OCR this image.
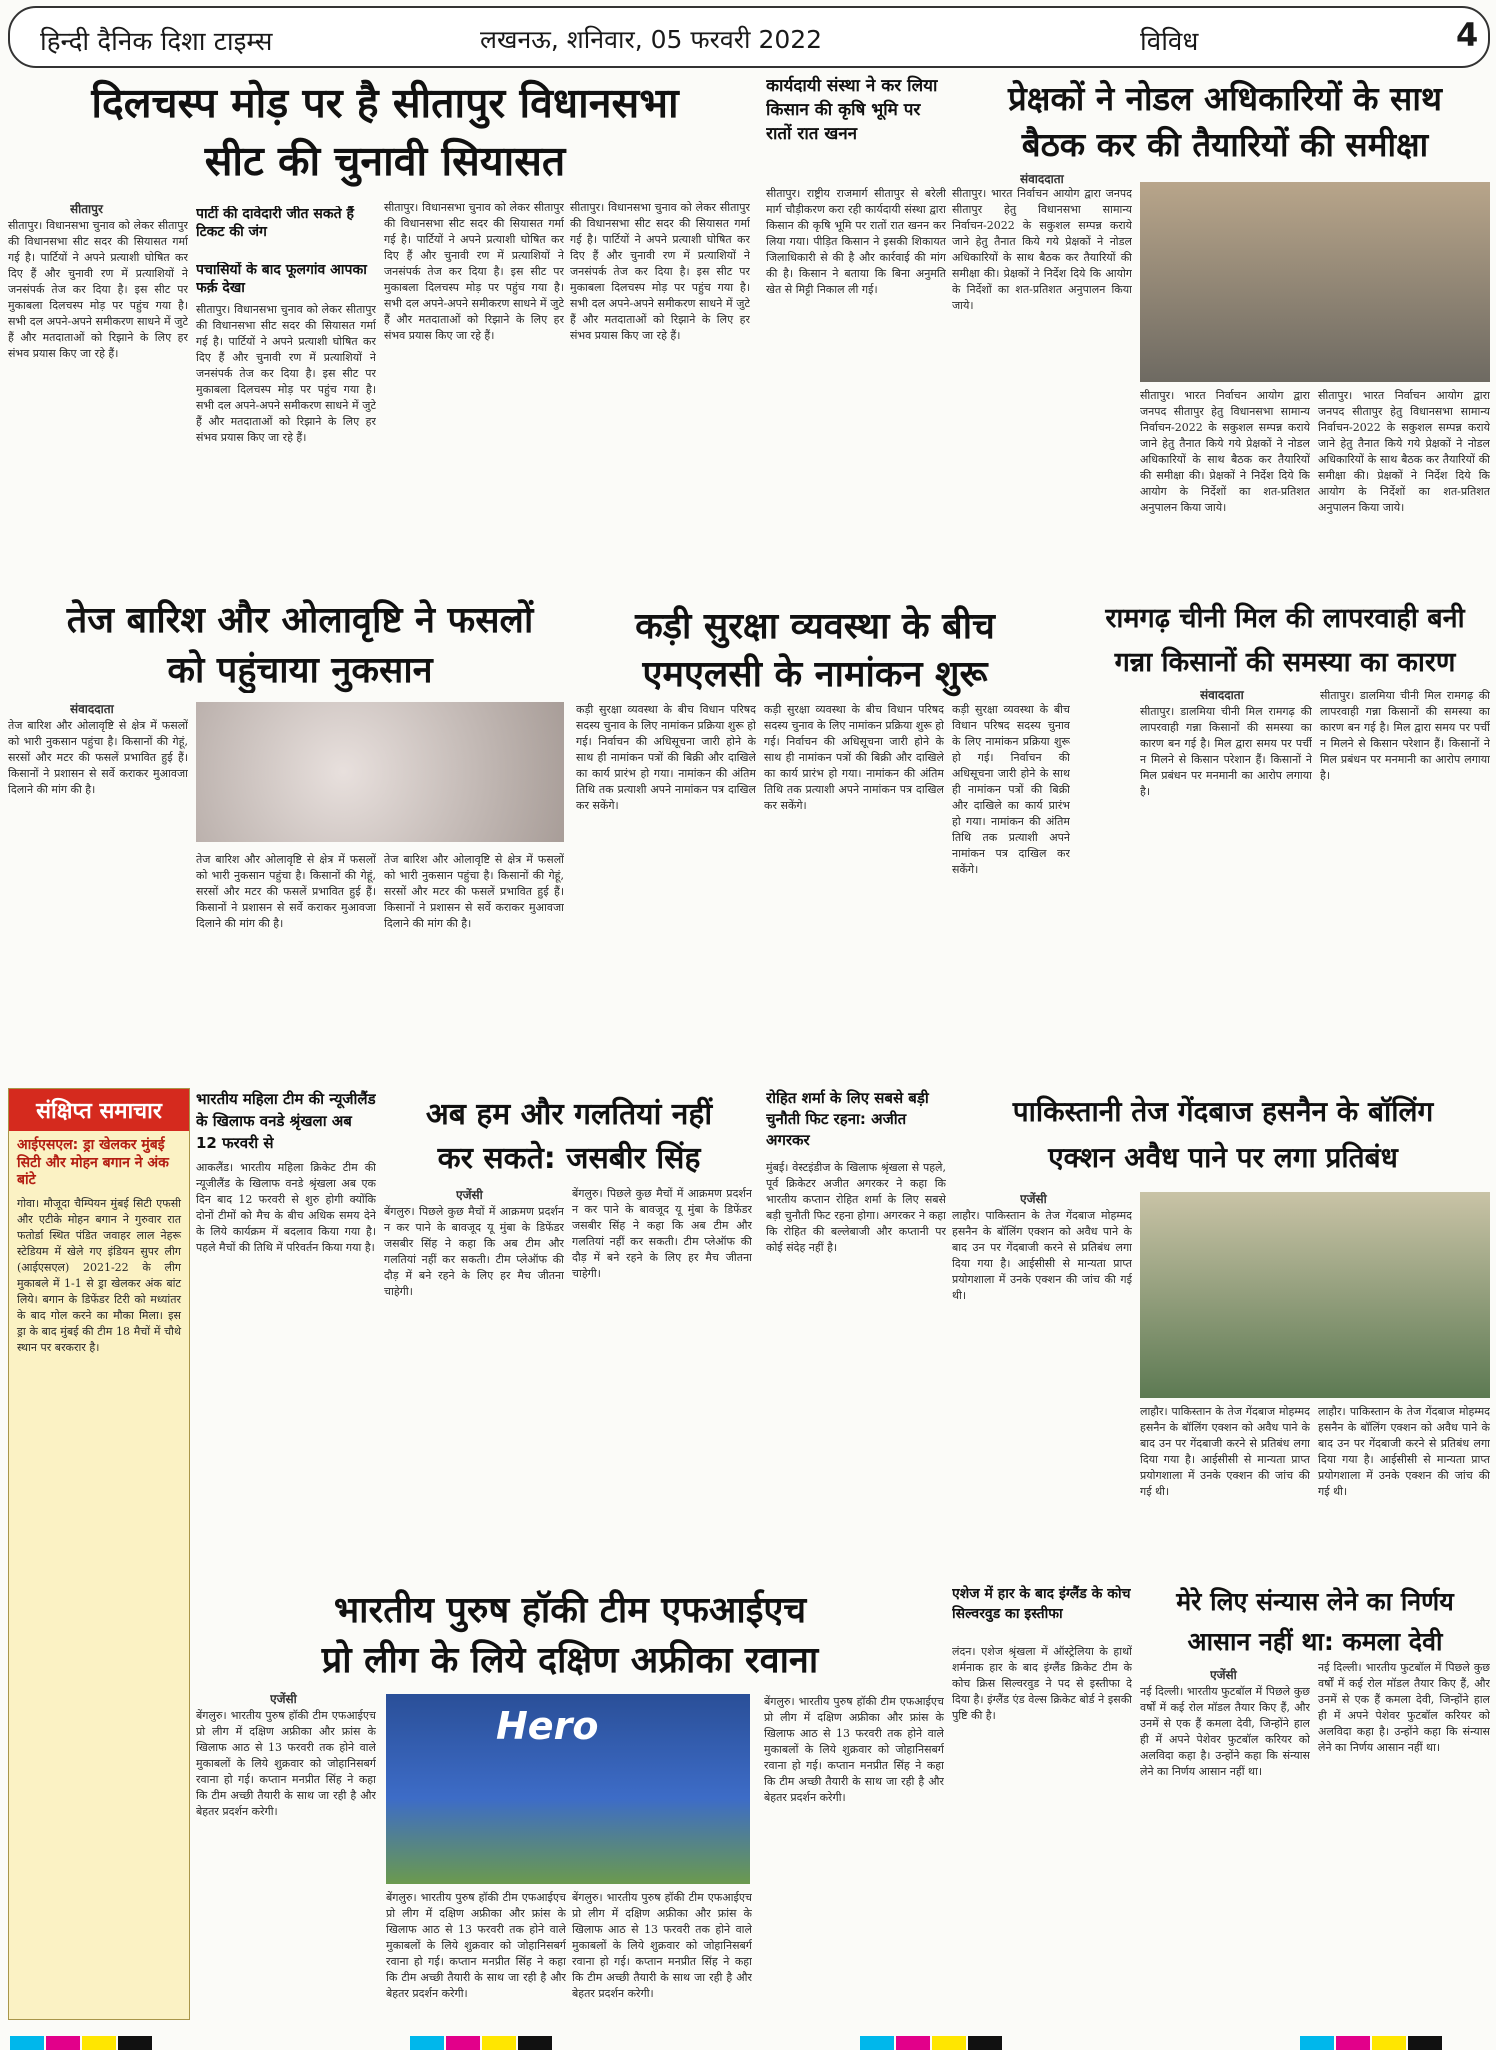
हिन्दी दैनिक दिशा टाइम्स	लखनऊ, शनिवार, 05 फरवरी 2022	विविध	4
दिलचस्प मोड़ पर है सीतापुर विधानसभा
सीट की चुनावी सियासत
सीतापुर
सीतापुर। विधानसभा चुनाव को लेकर सीतापुर की विधानसभा सीट सदर की सियासत गर्मा गई है। पार्टियों ने अपने प्रत्याशी घोषित कर दिए हैं और चुनावी रण में प्रत्याशियों ने जनसंपर्क तेज कर दिया है। इस सीट पर मुकाबला दिलचस्प मोड़ पर पहुंच गया है। सभी दल अपने-अपने समीकरण साधने में जुटे हैं और मतदाताओं को रिझाने के लिए हर संभव प्रयास किए जा रहे हैं।
पार्टी की दावेदारी जीत सकते हैं टिकट की जंग
पचासियों के बाद फूलगांव आपका फर्क़ देखा
सीतापुर। विधानसभा चुनाव को लेकर सीतापुर की विधानसभा सीट सदर की सियासत गर्मा गई है। पार्टियों ने अपने प्रत्याशी घोषित कर दिए हैं और चुनावी रण में प्रत्याशियों ने जनसंपर्क तेज कर दिया है। इस सीट पर मुकाबला दिलचस्प मोड़ पर पहुंच गया है। सभी दल अपने-अपने समीकरण साधने में जुटे हैं और मतदाताओं को रिझाने के लिए हर संभव प्रयास किए जा रहे हैं।
सीतापुर। विधानसभा चुनाव को लेकर सीतापुर की विधानसभा सीट सदर की सियासत गर्मा गई है। पार्टियों ने अपने प्रत्याशी घोषित कर दिए हैं और चुनावी रण में प्रत्याशियों ने जनसंपर्क तेज कर दिया है। इस सीट पर मुकाबला दिलचस्प मोड़ पर पहुंच गया है। सभी दल अपने-अपने समीकरण साधने में जुटे हैं और मतदाताओं को रिझाने के लिए हर संभव प्रयास किए जा रहे हैं।
सीतापुर। विधानसभा चुनाव को लेकर सीतापुर की विधानसभा सीट सदर की सियासत गर्मा गई है। पार्टियों ने अपने प्रत्याशी घोषित कर दिए हैं और चुनावी रण में प्रत्याशियों ने जनसंपर्क तेज कर दिया है। इस सीट पर मुकाबला दिलचस्प मोड़ पर पहुंच गया है। सभी दल अपने-अपने समीकरण साधने में जुटे हैं और मतदाताओं को रिझाने के लिए हर संभव प्रयास किए जा रहे हैं।
कार्यदायी संस्था ने कर लिया किसान की कृषि भूमि पर रातों रात खनन
सीतापुर। राष्ट्रीय राजमार्ग सीतापुर से बरेली मार्ग चौड़ीकरण करा रही कार्यदायी संस्था द्वारा किसान की कृषि भूमि पर रातों रात खनन कर लिया गया। पीड़ित किसान ने इसकी शिकायत जिलाधिकारी से की है और कार्रवाई की मांग की है। किसान ने बताया कि बिना अनुमति खेत से मिट्टी निकाल ली गई।
प्रेक्षकों ने नोडल अधिकारियों के साथ
बैठक कर की तैयारियों की समीक्षा
संवाददाता
सीतापुर। भारत निर्वाचन आयोग द्वारा जनपद सीतापुर हेतु विधानसभा सामान्य निर्वाचन-2022 के सकुशल सम्पन्न कराये जाने हेतु तैनात किये गये प्रेक्षकों ने नोडल अधिकारियों के साथ बैठक कर तैयारियों की समीक्षा की। प्रेक्षकों ने निर्देश दिये कि आयोग के निर्देशों का शत-प्रतिशत अनुपालन किया जाये।
सीतापुर। भारत निर्वाचन आयोग द्वारा जनपद सीतापुर हेतु विधानसभा सामान्य निर्वाचन-2022 के सकुशल सम्पन्न कराये जाने हेतु तैनात किये गये प्रेक्षकों ने नोडल अधिकारियों के साथ बैठक कर तैयारियों की समीक्षा की। प्रेक्षकों ने निर्देश दिये कि आयोग के निर्देशों का शत-प्रतिशत अनुपालन किया जाये।
सीतापुर। भारत निर्वाचन आयोग द्वारा जनपद सीतापुर हेतु विधानसभा सामान्य निर्वाचन-2022 के सकुशल सम्पन्न कराये जाने हेतु तैनात किये गये प्रेक्षकों ने नोडल अधिकारियों के साथ बैठक कर तैयारियों की समीक्षा की। प्रेक्षकों ने निर्देश दिये कि आयोग के निर्देशों का शत-प्रतिशत अनुपालन किया जाये।
तेज बारिश और ओलावृष्टि ने फसलों
को पहुंचाया नुकसान
संवाददाता
तेज बारिश और ओलावृष्टि से क्षेत्र में फसलों को भारी नुकसान पहुंचा है। किसानों की गेहूं, सरसों और मटर की फसलें प्रभावित हुई हैं। किसानों ने प्रशासन से सर्वे कराकर मुआवजा दिलाने की मांग की है।
तेज बारिश और ओलावृष्टि से क्षेत्र में फसलों को भारी नुकसान पहुंचा है। किसानों की गेहूं, सरसों और मटर की फसलें प्रभावित हुई हैं। किसानों ने प्रशासन से सर्वे कराकर मुआवजा दिलाने की मांग की है।
तेज बारिश और ओलावृष्टि से क्षेत्र में फसलों को भारी नुकसान पहुंचा है। किसानों की गेहूं, सरसों और मटर की फसलें प्रभावित हुई हैं। किसानों ने प्रशासन से सर्वे कराकर मुआवजा दिलाने की मांग की है।
कड़ी सुरक्षा व्यवस्था के बीच
एमएलसी के नामांकन शुरू
कड़ी सुरक्षा व्यवस्था के बीच विधान परिषद सदस्य चुनाव के लिए नामांकन प्रक्रिया शुरू हो गई। निर्वाचन की अधिसूचना जारी होने के साथ ही नामांकन पत्रों की बिक्री और दाखिले का कार्य प्रारंभ हो गया। नामांकन की अंतिम तिथि तक प्रत्याशी अपने नामांकन पत्र दाखिल कर सकेंगे।
कड़ी सुरक्षा व्यवस्था के बीच विधान परिषद सदस्य चुनाव के लिए नामांकन प्रक्रिया शुरू हो गई। निर्वाचन की अधिसूचना जारी होने के साथ ही नामांकन पत्रों की बिक्री और दाखिले का कार्य प्रारंभ हो गया। नामांकन की अंतिम तिथि तक प्रत्याशी अपने नामांकन पत्र दाखिल कर सकेंगे।
कड़ी सुरक्षा व्यवस्था के बीच विधान परिषद सदस्य चुनाव के लिए नामांकन प्रक्रिया शुरू हो गई। निर्वाचन की अधिसूचना जारी होने के साथ ही नामांकन पत्रों की बिक्री और दाखिले का कार्य प्रारंभ हो गया। नामांकन की अंतिम तिथि तक प्रत्याशी अपने नामांकन पत्र दाखिल कर सकेंगे।
रामगढ़ चीनी मिल की लापरवाही बनी
गन्ना किसानों की समस्या का कारण
संवाददाता
सीतापुर। डालमिया चीनी मिल रामगढ़ की लापरवाही गन्ना किसानों की समस्या का कारण बन गई है। मिल द्वारा समय पर पर्ची न मिलने से किसान परेशान हैं। किसानों ने मिल प्रबंधन पर मनमानी का आरोप लगाया है।
सीतापुर। डालमिया चीनी मिल रामगढ़ की लापरवाही गन्ना किसानों की समस्या का कारण बन गई है। मिल द्वारा समय पर पर्ची न मिलने से किसान परेशान हैं। किसानों ने मिल प्रबंधन पर मनमानी का आरोप लगाया है।
संक्षिप्त समाचार
आईएसएल: ड्रा खेलकर मुंबई सिटी और मोहन बगान ने अंक बांटे
गोवा। मौजूदा चैम्पियन मुंबई सिटी एफसी और एटीके मोहन बगान ने गुरुवार रात फतोर्डा स्थित पंडित जवाहर लाल नेहरू स्टेडियम में खेले गए इंडियन सुपर लीग (आईएसएल) 2021-22 के लीग मुकाबले में 1-1 से ड्रा खेलकर अंक बांट लिये। बगान के डिफेंडर टिरी को मध्यांतर के बाद गोल करने का मौका मिला। इस ड्रा के बाद मुंबई की टीम 18 मैचों में चौथे स्थान पर बरकरार है।
भारतीय महिला टीम की न्यूजीलैंड के खिलाफ वनडे श्रृंखला अब 12 फरवरी से
आकलैंड। भारतीय महिला क्रिकेट टीम की न्यूजीलैंड के खिलाफ वनडे श्रृंखला अब एक दिन बाद 12 फरवरी से शुरु होगी क्योंकि दोनों टीमों को मैच के बीच अधिक समय देने के लिये कार्यक्रम में बदलाव किया गया है। पहले मैचों की तिथि में परिवर्तन किया गया है।
अब हम और गलतियां नहीं
कर सकते: जसबीर सिंह
एजेंसी
बेंगलुरु। पिछले कुछ मैचों में आक्रमण प्रदर्शन न कर पाने के बावजूद यू मुंबा के डिफेंडर जसबीर सिंह ने कहा कि अब टीम और गलतियां नहीं कर सकती। टीम प्लेऑफ की दौड़ में बने रहने के लिए हर मैच जीतना चाहेगी।
बेंगलुरु। पिछले कुछ मैचों में आक्रमण प्रदर्शन न कर पाने के बावजूद यू मुंबा के डिफेंडर जसबीर सिंह ने कहा कि अब टीम और गलतियां नहीं कर सकती। टीम प्लेऑफ की दौड़ में बने रहने के लिए हर मैच जीतना चाहेगी।
रोहित शर्मा के लिए सबसे बड़ी चुनौती फिट रहना: अजीत अगरकर
मुंबई। वेस्टइंडीज के खिलाफ श्रृंखला से पहले, पूर्व क्रिकेटर अजीत अगरकर ने कहा कि भारतीय कप्तान रोहित शर्मा के लिए सबसे बड़ी चुनौती फिट रहना होगा। अगरकर ने कहा कि रोहित की बल्लेबाजी और कप्तानी पर कोई संदेह नहीं है।
पाकिस्तानी तेज गेंदबाज हसनैन के बॉलिंग
एक्शन अवैध पाने पर लगा प्रतिबंध
एजेंसी
लाहौर। पाकिस्तान के तेज गेंदबाज मोहम्मद हसनैन के बॉलिंग एक्शन को अवैध पाने के बाद उन पर गेंदबाजी करने से प्रतिबंध लगा दिया गया है। आईसीसी से मान्यता प्राप्त प्रयोगशाला में उनके एक्शन की जांच की गई थी।
लाहौर। पाकिस्तान के तेज गेंदबाज मोहम्मद हसनैन के बॉलिंग एक्शन को अवैध पाने के बाद उन पर गेंदबाजी करने से प्रतिबंध लगा दिया गया है। आईसीसी से मान्यता प्राप्त प्रयोगशाला में उनके एक्शन की जांच की गई थी।
लाहौर। पाकिस्तान के तेज गेंदबाज मोहम्मद हसनैन के बॉलिंग एक्शन को अवैध पाने के बाद उन पर गेंदबाजी करने से प्रतिबंध लगा दिया गया है। आईसीसी से मान्यता प्राप्त प्रयोगशाला में उनके एक्शन की जांच की गई थी।
एशेज में हार के बाद इंग्लैंड के कोच सिल्वरवुड का इस्तीफा
लंदन। एशेज श्रृंखला में ऑस्ट्रेलिया के हाथों शर्मनाक हार के बाद इंग्लैंड क्रिकेट टीम के कोच क्रिस सिल्वरवुड ने पद से इस्तीफा दे दिया है। इंग्लैंड एंड वेल्स क्रिकेट बोर्ड ने इसकी पुष्टि की है।
मेरे लिए संन्यास लेने का निर्णय
आसान नहीं था: कमला देवी
एजेंसी
नई दिल्ली। भारतीय फुटबॉल में पिछले कुछ वर्षों में कई रोल मॉडल तैयार किए हैं, और उनमें से एक हैं कमला देवी, जिन्होंने हाल ही में अपने पेशेवर फुटबॉल करियर को अलविदा कहा है। उन्होंने कहा कि संन्यास लेने का निर्णय आसान नहीं था।
नई दिल्ली। भारतीय फुटबॉल में पिछले कुछ वर्षों में कई रोल मॉडल तैयार किए हैं, और उनमें से एक हैं कमला देवी, जिन्होंने हाल ही में अपने पेशेवर फुटबॉल करियर को अलविदा कहा है। उन्होंने कहा कि संन्यास लेने का निर्णय आसान नहीं था।
भारतीय पुरुष हॉकी टीम एफआईएच
प्रो लीग के लिये दक्षिण अफ्रीका रवाना
एजेंसी
बेंगलुरु। भारतीय पुरुष हॉकी टीम एफआईएच प्रो लीग में दक्षिण अफ्रीका और फ्रांस के खिलाफ आठ से 13 फरवरी तक होने वाले मुकाबलों के लिये शुक्रवार को जोहानिसबर्ग रवाना हो गई। कप्तान मनप्रीत सिंह ने कहा कि टीम अच्छी तैयारी के साथ जा रही है और बेहतर प्रदर्शन करेगी।
Hero
बेंगलुरु। भारतीय पुरुष हॉकी टीम एफआईएच प्रो लीग में दक्षिण अफ्रीका और फ्रांस के खिलाफ आठ से 13 फरवरी तक होने वाले मुकाबलों के लिये शुक्रवार को जोहानिसबर्ग रवाना हो गई। कप्तान मनप्रीत सिंह ने कहा कि टीम अच्छी तैयारी के साथ जा रही है और बेहतर प्रदर्शन करेगी।
बेंगलुरु। भारतीय पुरुष हॉकी टीम एफआईएच प्रो लीग में दक्षिण अफ्रीका और फ्रांस के खिलाफ आठ से 13 फरवरी तक होने वाले मुकाबलों के लिये शुक्रवार को जोहानिसबर्ग रवाना हो गई। कप्तान मनप्रीत सिंह ने कहा कि टीम अच्छी तैयारी के साथ जा रही है और बेहतर प्रदर्शन करेगी।
बेंगलुरु। भारतीय पुरुष हॉकी टीम एफआईएच प्रो लीग में दक्षिण अफ्रीका और फ्रांस के खिलाफ आठ से 13 फरवरी तक होने वाले मुकाबलों के लिये शुक्रवार को जोहानिसबर्ग रवाना हो गई। कप्तान मनप्रीत सिंह ने कहा कि टीम अच्छी तैयारी के साथ जा रही है और बेहतर प्रदर्शन करेगी।
